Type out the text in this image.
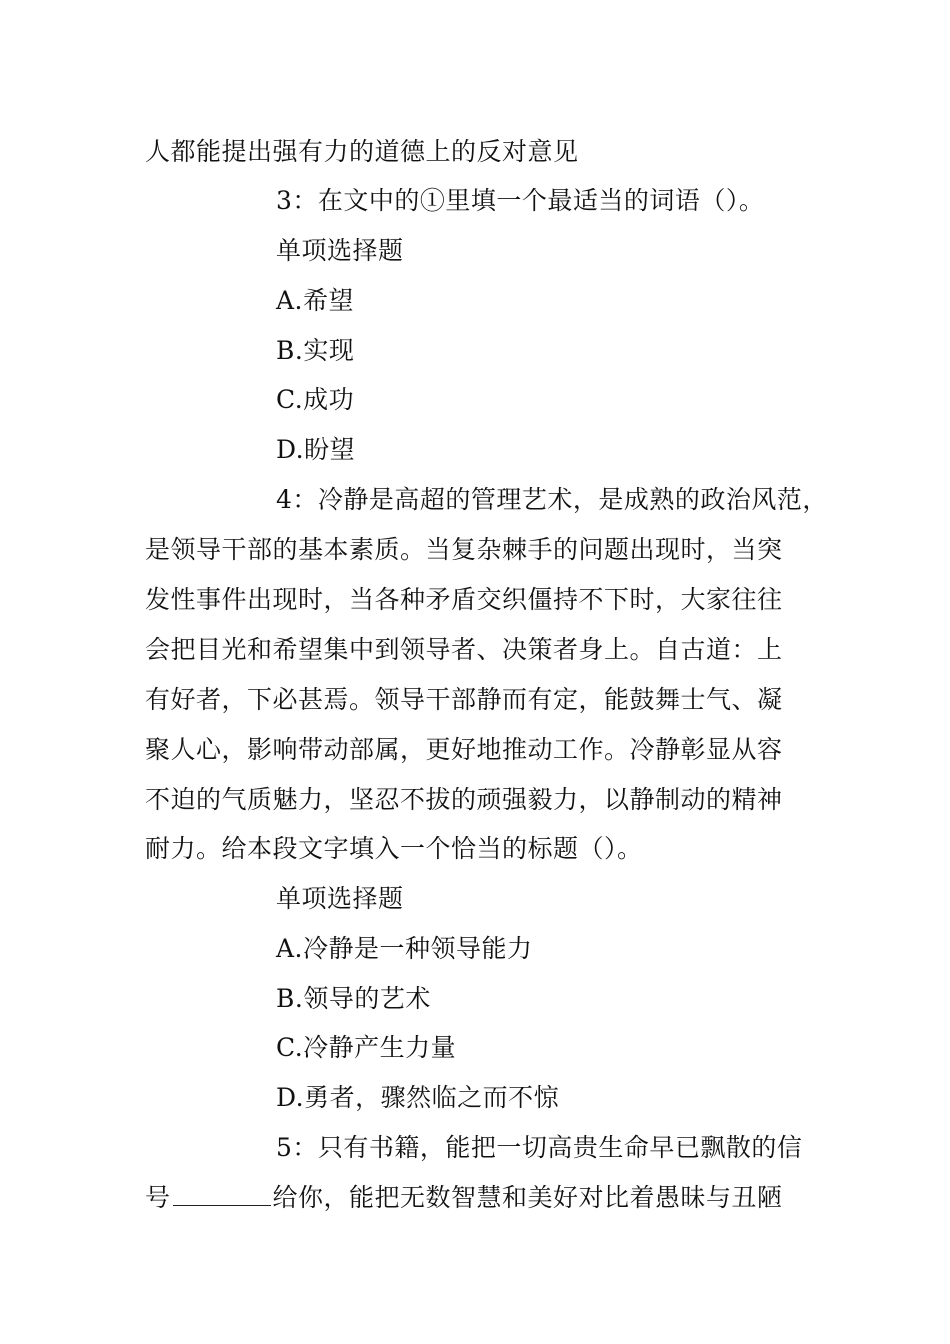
人都能提出强有力的道德上的反对意见
3：在文中的①里填一个最适当的词语（）。
单项选择题
A.希望
B.实现
C.成功
D.盼望
4：冷静是高超的管理艺术，是成熟的政治风范，
是领导干部的基本素质。当复杂棘手的问题出现时，当突
发性事件出现时，当各种矛盾交织僵持不下时，大家往往
会把目光和希望集中到领导者、决策者身上。自古道：上
有好者，下必甚焉。领导干部静而有定，能鼓舞士气、凝
聚人心，影响带动部属，更好地推动工作。冷静彰显从容
不迫的气质魅力，坚忍不拔的顽强毅力，以静制动的精神
耐力。给本段文字填入一个恰当的标题（）。
单项选择题
A.冷静是一种领导能力
B.领导的艺术
C.冷静产生力量
D.勇者，骤然临之而不惊
5：只有书籍，能把一切高贵生命早已飘散的信
号	给你，能把无数智慧和美好对比着愚昧与丑陋
